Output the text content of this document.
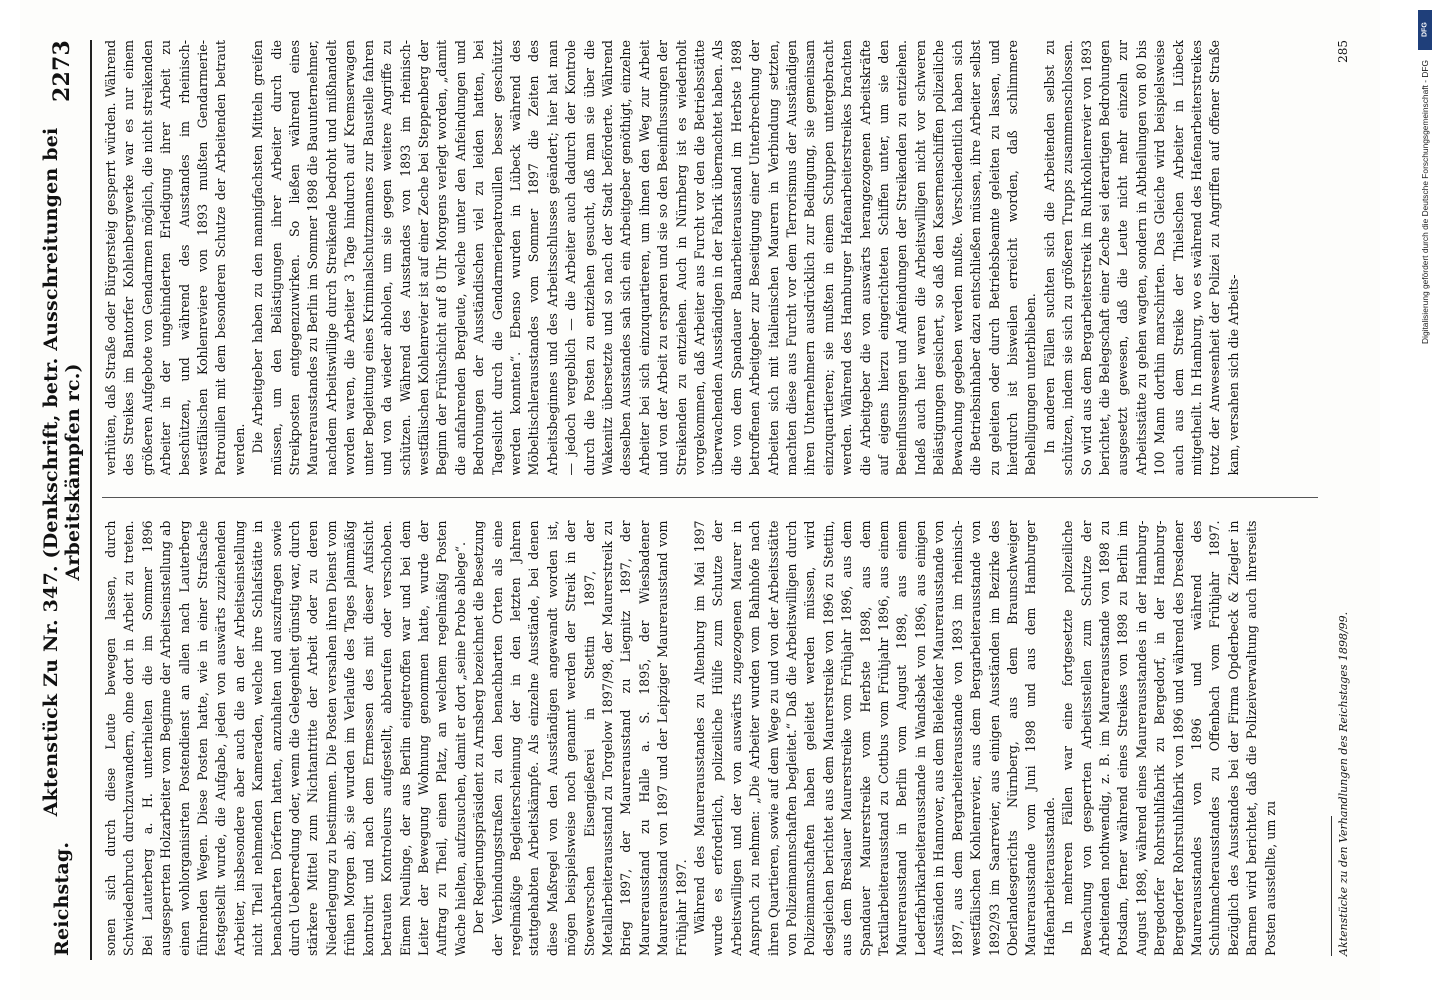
Reichstag.
Aktenstück Zu Nr. 347. (Denkschrift, betr. Ausschreitungen bei Arbeitskämpfen rc.)
2273

sonen sich durch diese Leute bewegen lassen, durch Schwiedenbruch durchzuwandern, ohne dort in Arbeit zu treten. Bei Lauterberg a. H. unterhielten die im Sommer 1896 ausgesperrten Holzarbeiter vom Beginne der Arbeitseinstellung ab einen wohlorganisirten Postendienst an allen nach Lauterberg führenden Wegen. Diese Posten hatte, wie in einer Strafsache festgestellt wurde, die Aufgabe, jeden von auswärts zuziehenden Arbeiter, insbesondere aber auch die an der Arbeitseinstellung nicht Theil nehmenden Kameraden, welche ihre Schlafstätte in benachbarten Dörfern hatten, anzuhalten und auszufragen sowie durch Ueberredung oder, wenn die Gelegenheit günstig war, durch stärkere Mittel zum Nichtantritte der Arbeit oder zu deren Niederlegung zu bestimmen. Die Posten versahen ihren Dienst vom frühen Morgen ab; sie wurden im Verlaufe des Tages planmäßig kontrolirt und nach dem Ermessen des mit dieser Aufsicht betrauten Kontroleurs aufgestellt, abberufen oder verschoben. Einem Neulinge, der aus Berlin eingetroffen war und bei dem Leiter der Bewegung Wohnung genommen hatte, wurde der Auftrag zu Theil, einen Platz, an welchem regelmäßig Posten Wache hielten, aufzusuchen, damit er dort „seine Probe ablege“. Der Regierungspräsident zu Arnsberg bezeichnet die Besetzung der Verbindungsstraßen zu den benachbarten Orten als eine regelmäßige Begleiterscheinung der in den letzten Jahren stattgehabten Arbeitskämpfe. Als einzelne Ausstände, bei denen diese Maßregel von den Ausständigen angewandt worden ist, mögen beispielsweise noch genannt werden der Streik in der Stoewerschen Eisengießerei in Stettin 1897, der Metallarbeiterausstand zu Torgelow 1897/98, der Maurerstreik zu Brieg 1897, der Maurerausstand zu Liegnitz 1897, der Maurerausstand zu Halle a. S. 1895, der Wiesbadener Maurerausstand von 1897 und der Leipziger Maurerausstand vom Frühjahr 1897. Während des Maurerausstandes zu Altenburg im Mai 1897 wurde es erforderlich, polizeiliche Hülfe zum Schutze der Arbeitswilligen und der von auswärts zugezogenen Maurer in Anspruch zu nehmen: „Die Arbeiter wurden vom Bahnhofe nach ihren Quartieren, sowie auf dem Wege zu und von der Arbeitsstätte von Polizeimannschaften begleitet.“ Daß die Arbeitswilligen durch Polizeimannschaften haben geleitet werden müssen, wird desgleichen berichtet aus dem Maurerstreike von 1896 zu Stettin, aus dem Breslauer Maurerstreike vom Frühjahr 1896, aus dem Spandauer Maurerstreike vom Herbste 1898, aus dem Textilarbeiterausstand zu Cottbus vom Frühjahr 1896, aus einem Maurerausstand in Berlin vom August 1898, aus einem Lederfabrikarbeiterausstande in Wandsbek von 1896, aus einigen Ausständen in Hannover, aus dem Bielefelder Maurerausstande von 1897, aus dem Bergarbeiterausstande von 1893 im rheinisch-westfälischen Kohlenrevier, aus dem Bergarbeiterausstande von 1892/93 im Saarrevier, aus einigen Ausständen im Bezirke des Oberlandesgerichts Nürnberg, aus dem Braunschweiger Maurerausstande vom Juni 1898 und aus dem Hamburger Hafenarbeiterausstande. In mehreren Fällen war eine fortgesetzte polizeiliche Bewachung von gesperrten Arbeitsstellen zum Schutze der Arbeitenden nothwendig, z. B. im Maurerausstande von 1898 zu Potsdam, ferner während eines Streikes von 1898 zu Berlin im August 1898, während eines Maurerausstandes in der Hamburg-Bergedorfer Rohrstuhlfabrik zu Bergedorf, in der Hamburg-Bergedorfer Rohrstuhlfabrik von 1896 und während des Dresdener Maurerausstandes von 1896 und während des Schuhmacherausstandes zu Offenbach vom Frühjahr 1897. Bezüglich des Ausstandes bei der Firma Opderbeck & Ziegler in Barmen wird berichtet, daß die Polizeiverwaltung auch ihrerseits Posten ausstellte, um zu

verhüten, daß Straße oder Bürgersteig gesperrt würden. Während des Streikes im Bantorfer Kohlenbergwerke war es nur einem größeren Aufgebote von Gendarmen möglich, die nicht streikenden Arbeiter in der ungehinderten Erledigung ihrer Arbeit zu beschützen, und während des Ausstandes im rheinisch-westfälischen Kohlenreviere von 1893 mußten Gendarmerie-Patrouillen mit dem besonderen Schutze der Arbeitenden betraut werden. Die Arbeitgeber haben zu den mannigfachsten Mitteln greifen müssen, um den Belästigungen ihrer Arbeiter durch die Streikposten entgegenzuwirken. So ließen während eines Maurerausstandes zu Berlin im Sommer 1898 die Bauunternehmer, nachdem Arbeitswillige durch Streikende bedroht und mißhandelt worden waren, die Arbeiter 3 Tage hindurch auf Kremserwagen unter Begleitung eines Kriminalschutzmannes zur Baustelle fahren und von da wieder abholen, um sie gegen weitere Angriffe zu schützen. Während des Ausstandes von 1893 im rheinisch-westfälischen Kohlenrevier ist auf einer Zeche bei Steppenberg der Beginn der Frühschicht auf 8 Uhr Morgens verlegt worden, „damit die anfahrenden Bergleute, welche unter den Anfeindungen und Bedrohungen der Ausständischen viel zu leiden hatten, bei Tageslicht durch die Gendarmeriepatrouillen besser geschützt werden konnten“. Ebenso wurden in Lübeck während des Möbeltischlerausstandes vom Sommer 1897 die Zeiten des Arbeitsbeginnes und des Arbeitsschlusses geändert; hier hat man — jedoch vergeblich — die Arbeiter auch dadurch der Kontrole durch die Posten zu entziehen gesucht, daß man sie über die Wakenitz übersetzte und so nach der Stadt beförderte. Während desselben Ausstandes sah sich ein Arbeitgeber genöthigt, einzelne Arbeiter bei sich einzuquartieren, um ihnen den Weg zur Arbeit und von der Arbeit zu ersparen und sie so den Beeinflussungen der Streikenden zu entziehen. Auch in Nürnberg ist es wiederholt vorgekommen, daß Arbeiter aus Furcht vor den die Betriebsstätte überwachenden Ausständigen in der Fabrik übernachtet haben. Als die von dem Spandauer Bauarbeiterausstand im Herbste 1898 betroffenen Arbeitgeber zur Beseitigung einer Unterbrechung der Arbeiten sich mit italienischen Maurern in Verbindung setzten, machten diese aus Furcht vor dem Terrorismus der Ausständigen ihren Unternehmern ausdrücklich zur Bedingung, sie gemeinsam einzuquartieren; sie mußten in einem Schuppen untergebracht werden. Während des Hamburger Hafenarbeiterstreikes brachten die Arbeitgeber die von auswärts herangezogenen Arbeitskräfte auf eigens hierzu eingerichteten Schiffen unter, um sie den Beeinflussungen und Anfeindungen der Streikenden zu entziehen. Indeß auch hier waren die Arbeitswilligen nicht vor schweren Belästigungen gesichert, so daß den Kasernenschiffen polizeiliche Bewachung gegeben werden mußte. Verschiedentlich haben sich die Betriebsinhaber dazu entschließen müssen, ihre Arbeiter selbst zu geleiten oder durch Betriebsbeamte geleiten zu lassen, und hierdurch ist bisweilen erreicht worden, daß schlimmere Behelligungen unterblieben. In anderen Fällen suchten sich die Arbeitenden selbst zu schützen, indem sie sich zu größeren Trupps zusammenschlossen. So wird aus dem Bergarbeiterstreik im Ruhrkohlenrevier von 1893 berichtet, die Belegschaft einer Zeche sei derartigen Bedrohungen ausgesetzt gewesen, daß die Leute nicht mehr einzeln zur Arbeitsstätte zu gehen wagten, sondern in Abtheilungen von 80 bis 100 Mann dorthin marschirten. Das Gleiche wird beispielsweise auch aus dem Streike der Thielschen Arbeiter in Lübeck mitgetheilt. In Hamburg, wo es während des Hafenarbeiterstreikes trotz der Anwesenheit der Polizei zu Angriffen auf offener Straße kam, versahen sich die Arbeits-

Aktenstücke zu den Verhandlungen des Reichstages 1898/99.
285
Digitalisierung gefördert durch die Deutsche Forschungsgemeinschaft - DFG
DFG
